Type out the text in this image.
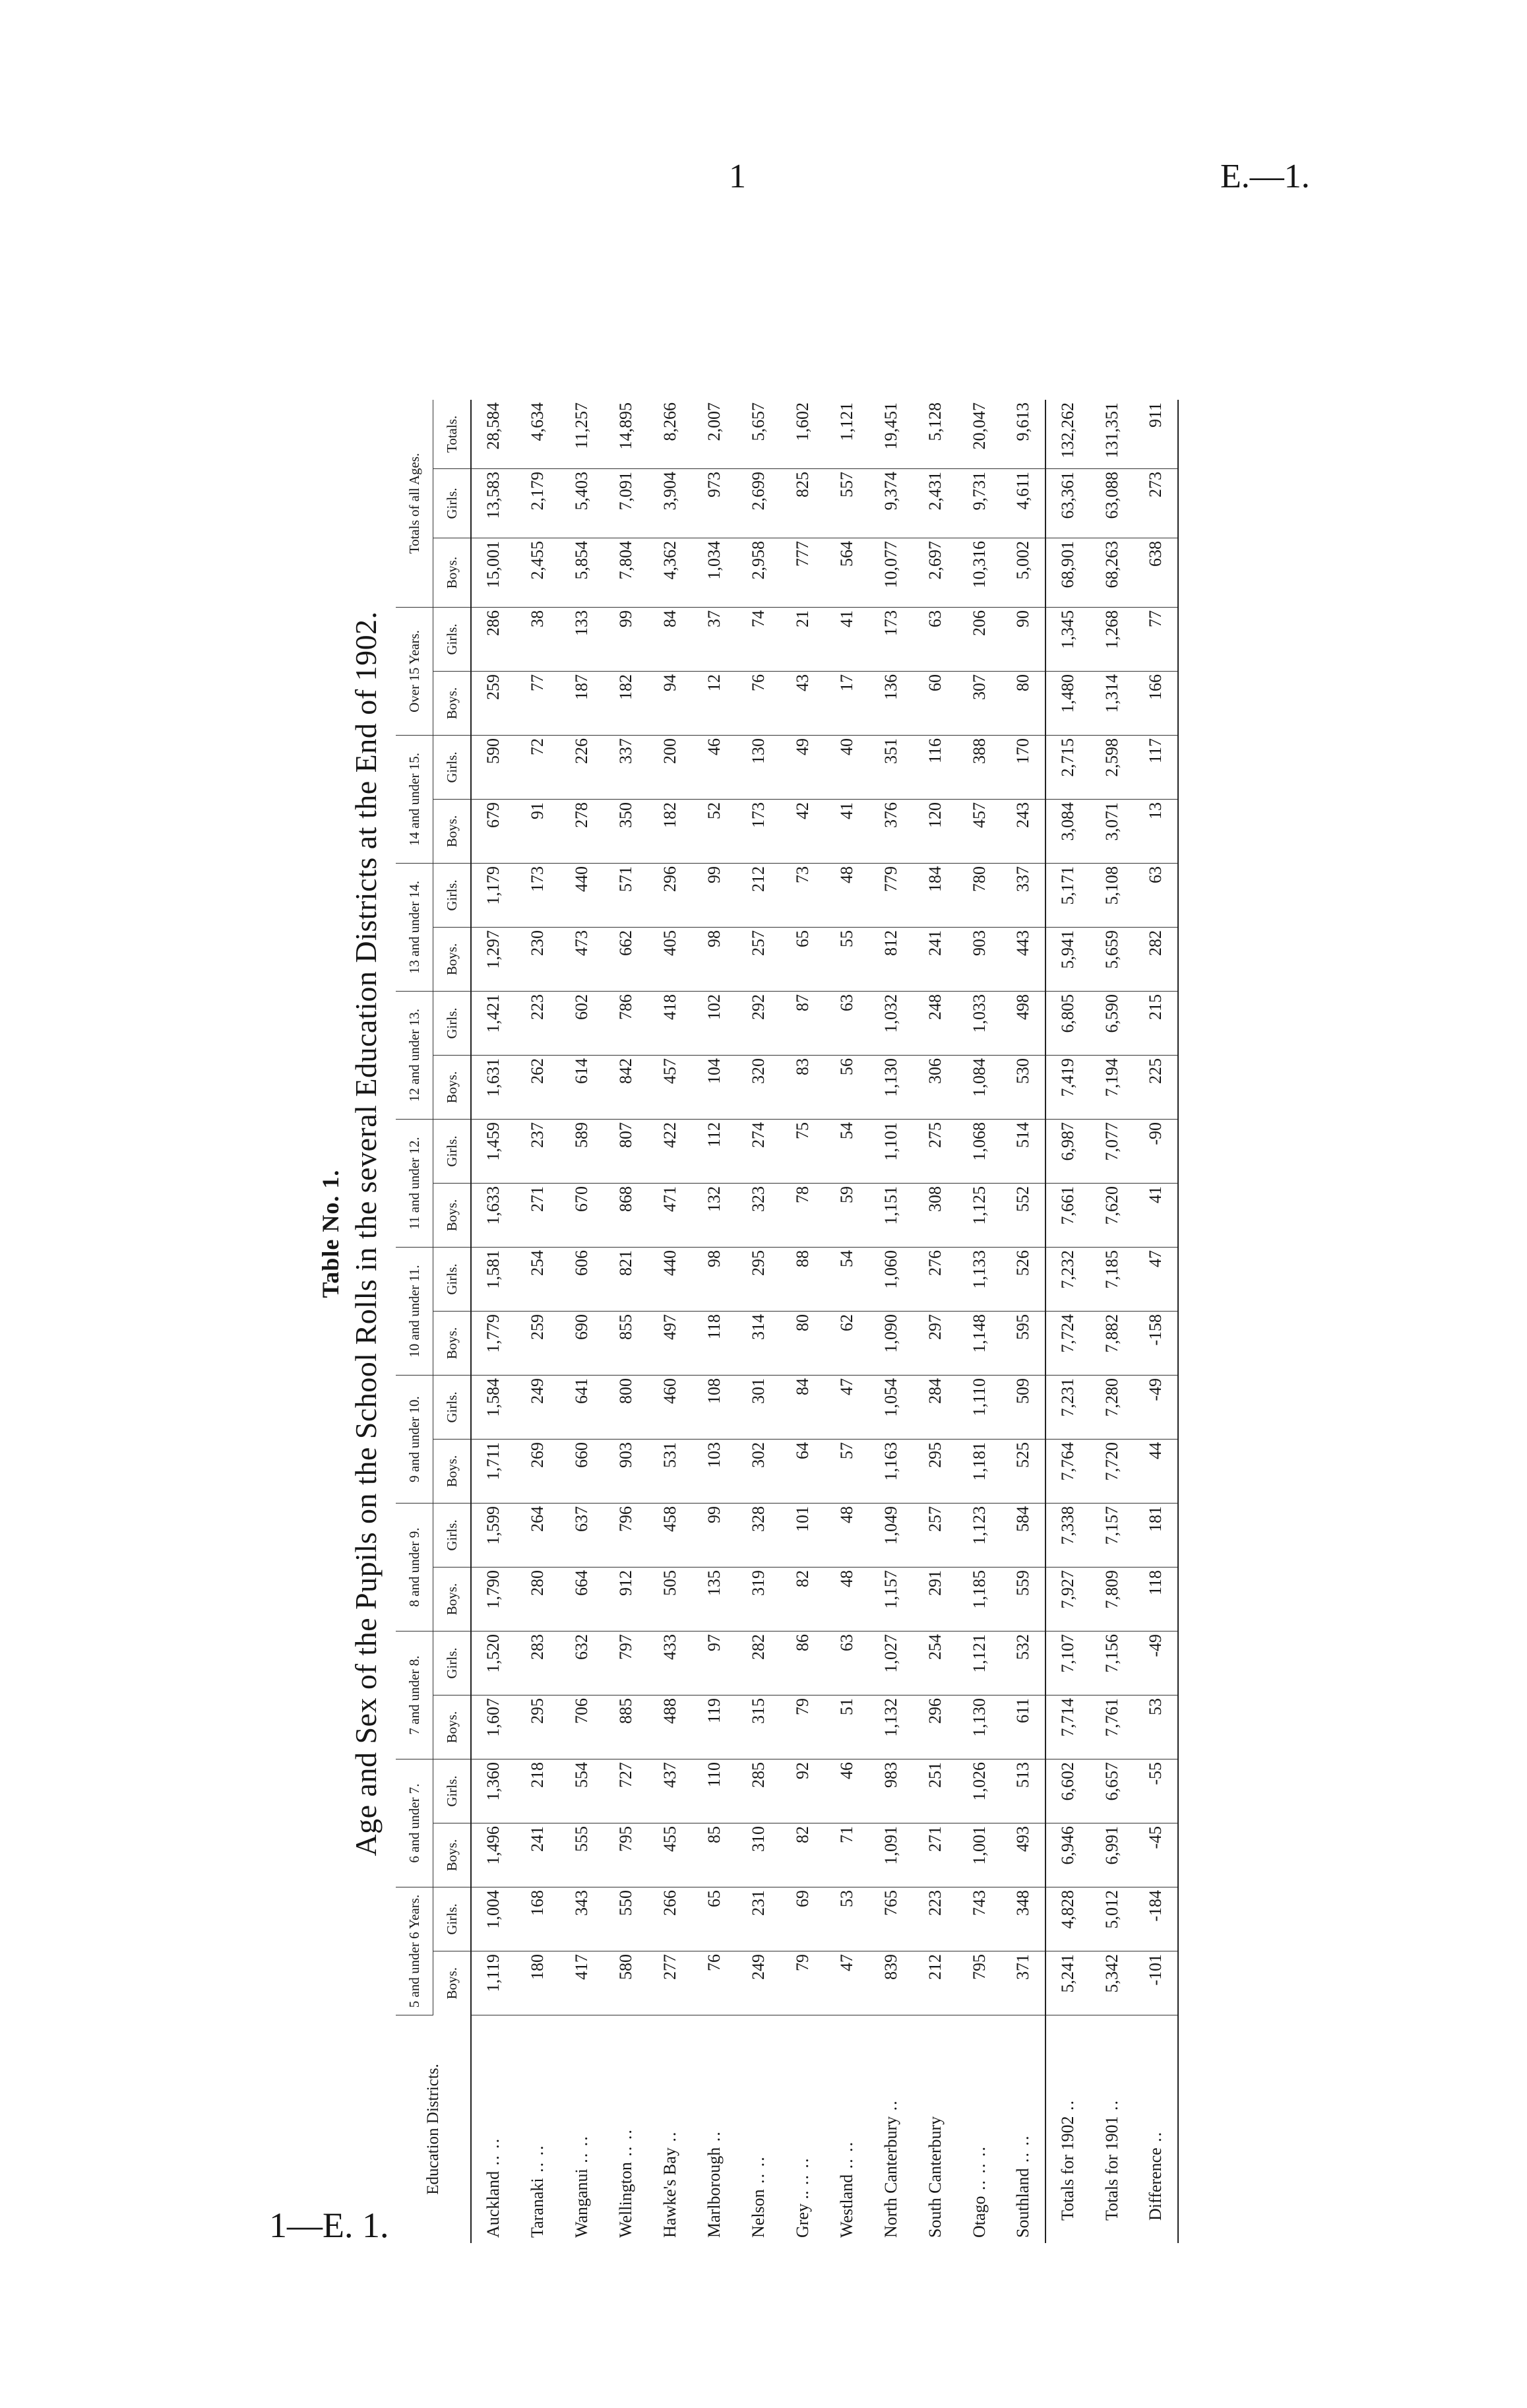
1	E.—1.
1—E. 1.
Table No. 1. Age and Sex of the Pupils on the School Rolls in the several Education Districts at the End of 1902.
Education Districts.	5 and under 6 Years.		6 and under 7.		7 and under 8.		8 and under 9.		9 and under 10.		10 and under 11.		11 and under 12.		12 and under 13.		13 and under 14.		14 and under 15.		Over 15 Years.		Totals of all Ages.		
	Boys.	Girls.	Boys.	Girls.	Boys.	Girls.	Boys.	Girls.	Boys.	Girls.	Boys.	Girls.	Boys.	Girls.	Boys.	Girls.	Boys.	Girls.	Boys.	Girls.	Boys.	Girls.	Boys.	Girls.	Totals.
Auckland .. ..	1,119	1,004	1,496	1,360	1,607	1,520	1,790	1,599	1,711	1,584	1,779	1,581	1,633	1,459	1,631	1,421	1,297	1,179	679	590	259	286	15,001	13,583	28,584
Taranaki .. ..	180	168	241	218	295	283	280	264	269	249	259	254	271	237	262	223	230	173	91	72	77	38	2,455	2,179	4,634
Wanganui .. ..	417	343	555	554	706	632	664	637	660	641	690	606	670	589	614	602	473	440	278	226	187	133	5,854	5,403	11,257
Wellington .. ..	580	550	795	727	885	797	912	796	903	800	855	821	868	807	842	786	662	571	350	337	182	99	7,804	7,091	14,895
Hawke's Bay ..	277	266	455	437	488	433	505	458	531	460	497	440	471	422	457	418	405	296	182	200	94	84	4,362	3,904	8,266
Marlborough ..	76	65	85	110	119	97	135	99	103	108	118	98	132	112	104	102	98	99	52	46	12	37	1,034	973	2,007
Nelson .. ..	249	231	310	285	315	282	319	328	302	301	314	295	323	274	320	292	257	212	173	130	76	74	2,958	2,699	5,657
Grey .. .. ..	79	69	82	92	79	86	82	101	64	84	80	88	78	75	83	87	65	73	42	49	43	21	777	825	1,602
Westland .. ..	47	53	71	46	51	63	48	48	57	47	62	54	59	54	56	63	55	48	41	40	17	41	564	557	1,121
North Canterbury ..	839	765	1,091	983	1,132	1,027	1,157	1,049	1,163	1,054	1,090	1,060	1,151	1,101	1,130	1,032	812	779	376	351	136	173	10,077	9,374	19,451
South Canterbury	212	223	271	251	296	254	291	257	295	284	297	276	308	275	306	248	241	184	120	116	60	63	2,697	2,431	5,128
Otago .. .. ..	795	743	1,001	1,026	1,130	1,121	1,185	1,123	1,181	1,110	1,148	1,133	1,125	1,068	1,084	1,033	903	780	457	388	307	206	10,316	9,731	20,047
Southland .. ..	371	348	493	513	611	532	559	584	525	509	595	526	552	514	530	498	443	337	243	170	80	90	5,002	4,611	9,613
Totals for 1902 ..	5,241	4,828	6,946	6,602	7,714	7,107	7,927	7,338	7,764	7,231	7,724	7,232	7,661	6,987	7,419	6,805	5,941	5,171	3,084	2,715	1,480	1,345	68,901	63,361	132,262
Totals for 1901 ..	5,342	5,012	6,991	6,657	7,761	7,156	7,809	7,157	7,720	7,280	7,882	7,185	7,620	7,077	7,194	6,590	5,659	5,108	3,071	2,598	1,314	1,268	68,263	63,088	131,351
Difference ..	-101	-184	-45	-55	53	-49	118	181	44	-49	-158	47	41	-90	225	215	282	63	13	117	166	77	638	273	911
